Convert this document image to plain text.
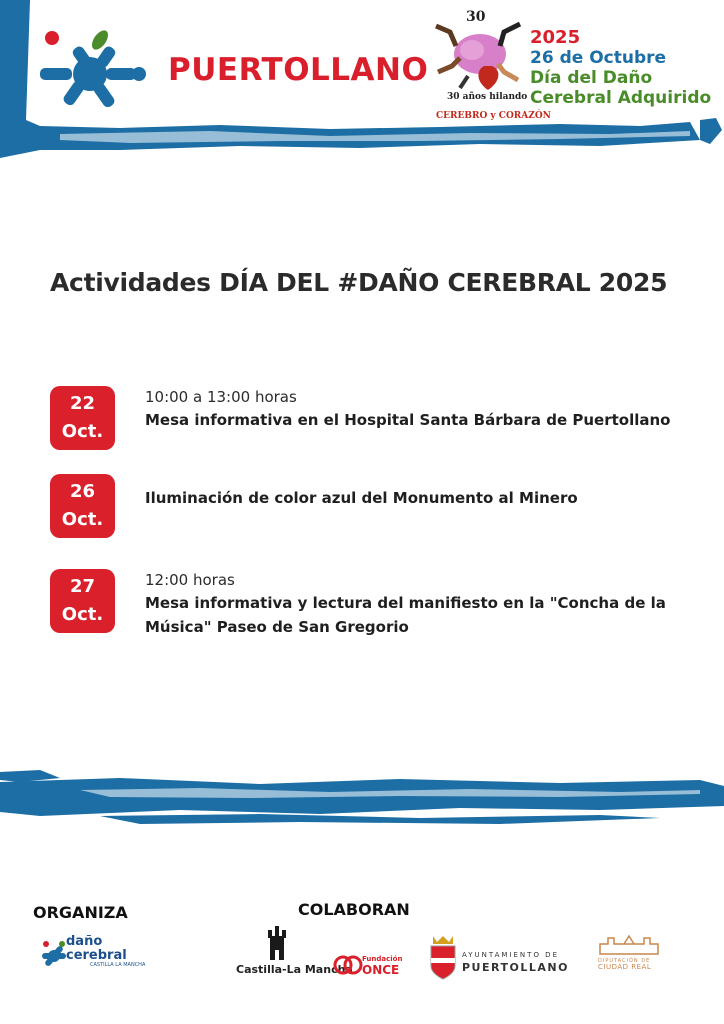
PUERTOLLANO
30
30 años hilando
CEREBRO y CORAZÓN
2025
26 de Octubre
Día del Daño
Cerebral Adquirido
Actividades DÍA DEL #DAÑO CEREBRAL 2025
22
Oct.
10:00 a 13:00 horas
Mesa informativa en el Hospital Santa Bárbara de Puertollano
26
Oct.
Iluminación de color azul del Monumento al Minero
27
Oct.
12:00 horas
Mesa informativa y lectura del manifiesto en la "Concha de la Música" Paseo de San Gregorio
ORGANIZA	COLABORAN
daño
cerebral
CASTILLA LA MANCHA	Castilla-La Mancha
Fundación
ONCE
AYUNTAMIENTO DE
PUERTOLLANO	DIPUTACIÓN DE
CIUDAD REAL
